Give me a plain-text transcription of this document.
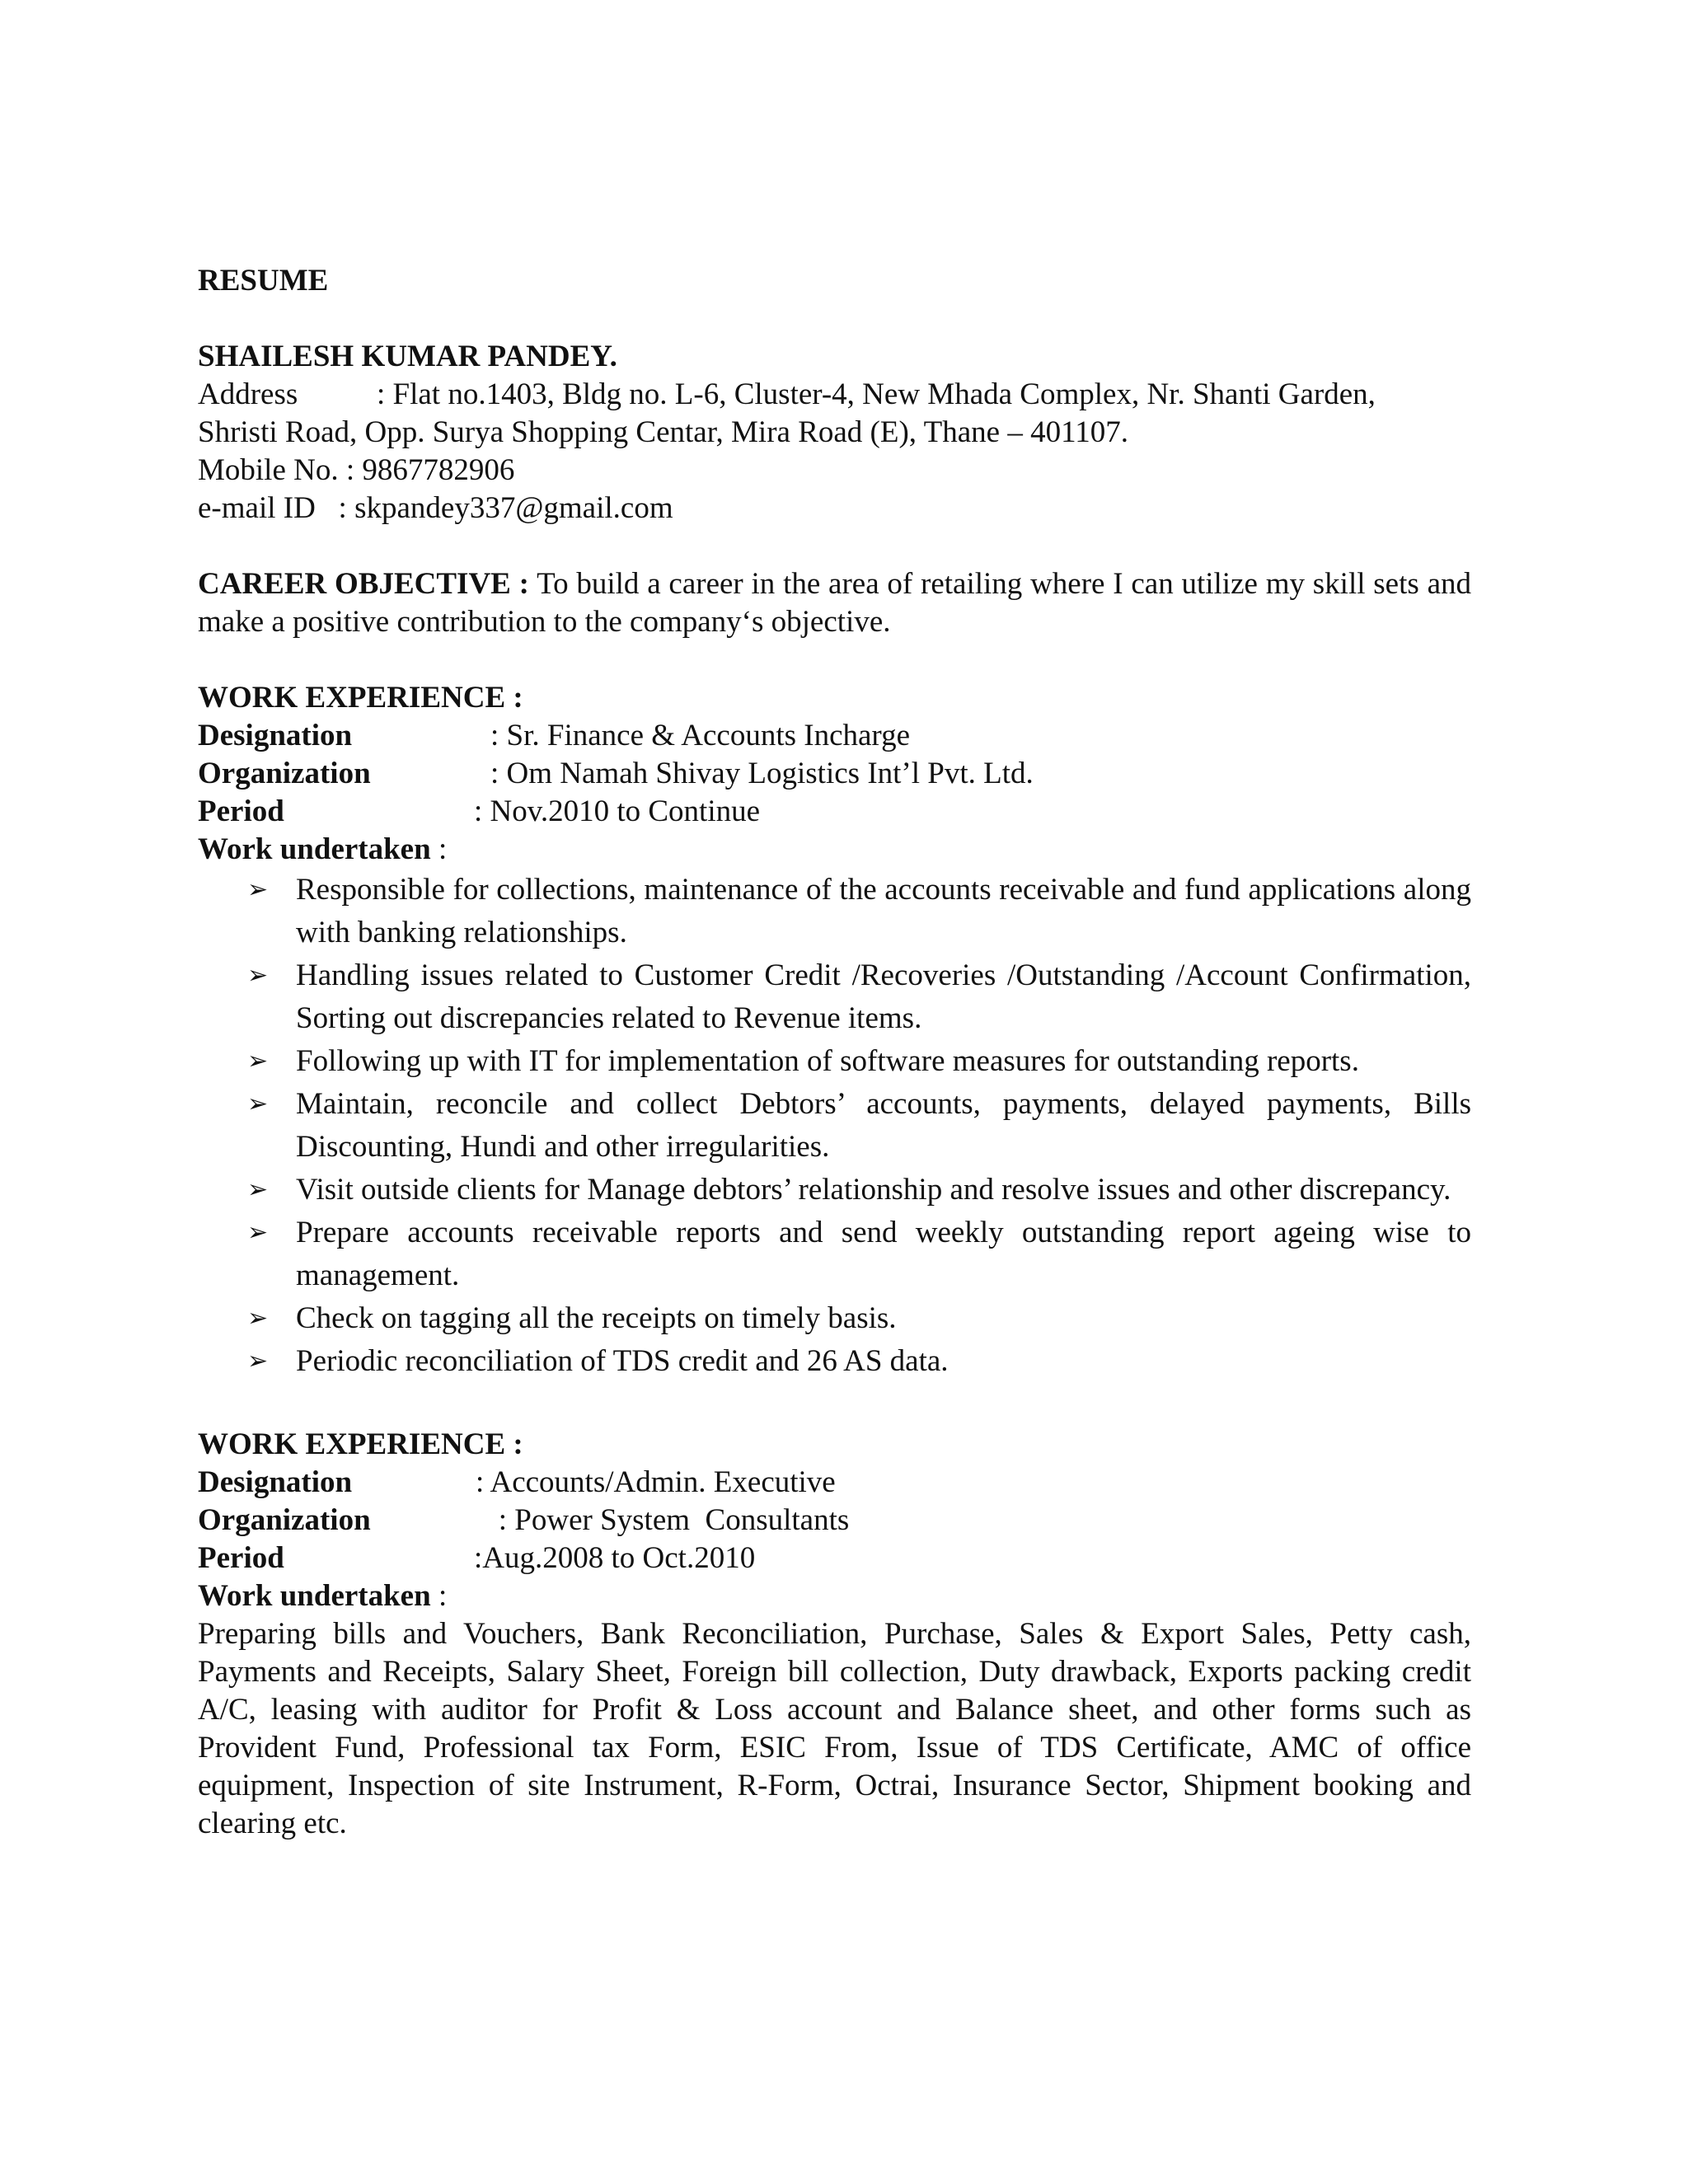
RESUME
SHAILESH KUMAR PANDEY.
Address	: Flat no.1403, Bldg no. L-6, Cluster-4, New Mhada Complex, Nr. Shanti Garden,
Shristi Road, Opp. Surya Shopping Centar, Mira Road (E), Thane – 401107.
Mobile No. : 9867782906
e-mail ID   : skpandey337@gmail.com
CAREER OBJECTIVE : To build a career in the area of retailing where I can utilize my skill sets and make a positive contribution to the company‘s objective.
WORK EXPERIENCE :
Designation	: Sr. Finance & Accounts Incharge
Organization	: Om Namah Shivay Logistics Int’l Pvt. Ltd.
Period	: Nov.2010 to Continue
Work undertaken :
➢ Responsible for collections, maintenance of the accounts receivable and fund applications along with banking relationships.
➢ Handling issues related to Customer Credit /Recoveries /Outstanding /Account Confirmation, Sorting out discrepancies related to Revenue items.
➢ Following up with IT for implementation of software measures for outstanding reports.
➢ Maintain, reconcile and collect Debtors’ accounts, payments, delayed payments, Bills Discounting, Hundi and other irregularities.
➢ Visit outside clients for Manage debtors’ relationship and resolve issues and other discrepancy.
➢ Prepare accounts receivable reports and send weekly outstanding report ageing wise to management.
➢ Check on tagging all the receipts on timely basis.
➢ Periodic reconciliation of TDS credit and 26 AS data.
WORK EXPERIENCE :
Designation	: Accounts/Admin. Executive
Organization	: Power System  Consultants
Period	:Aug.2008 to Oct.2010
Work undertaken :
Preparing bills and Vouchers, Bank Reconciliation, Purchase, Sales & Export Sales, Petty cash, Payments and Receipts, Salary Sheet, Foreign bill collection, Duty drawback, Exports packing credit A/C, leasing with auditor for Profit & Loss account and Balance sheet, and other forms such as Provident Fund, Professional tax Form, ESIC From, Issue of TDS Certificate, AMC of office equipment, Inspection of site Instrument, R-Form, Octrai, Insurance Sector, Shipment booking and clearing etc.
